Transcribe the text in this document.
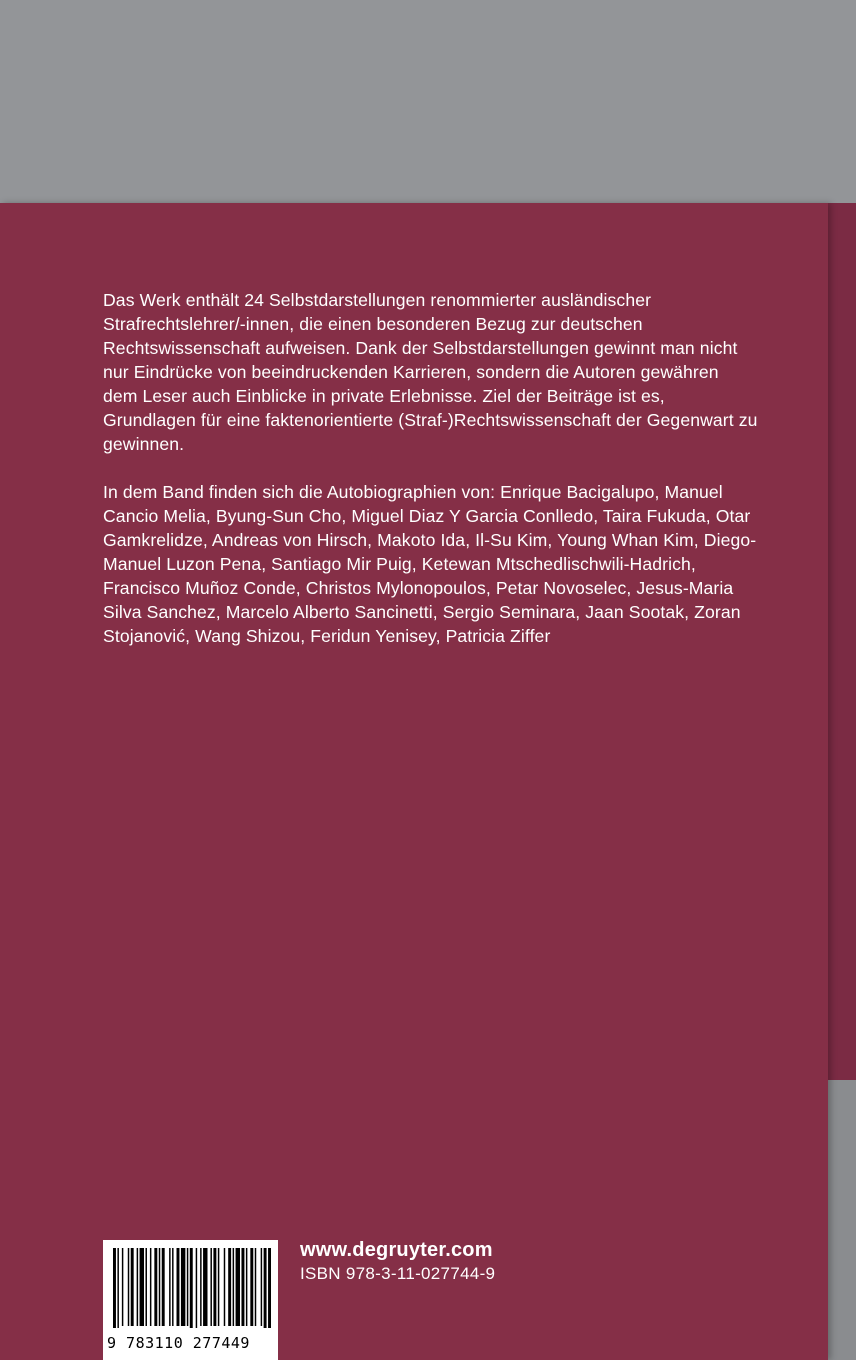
Das Werk enthält 24 Selbstdarstellungen renommierter ausländischer Strafrechtslehrer/-innen, die einen besonderen Bezug zur deutschen Rechtswissenschaft aufweisen. Dank der Selbstdarstellungen gewinnt man nicht nur Eindrücke von beeindruckenden Karrieren, sondern die Autoren gewähren dem Leser auch Einblicke in private Erlebnisse. Ziel der Beiträge ist es, Grundlagen für eine faktenorientierte (Straf-)Rechtswissenschaft der Gegenwart zu gewinnen.

In dem Band finden sich die Autobiographien von: Enrique Bacigalupo, Manuel Cancio Melia, Byung-Sun Cho, Miguel Diaz Y Garcia Conlledo, Taira Fukuda, Otar Gamkrelidze, Andreas von Hirsch, Makoto Ida, Il-Su Kim, Young Whan Kim, Diego-Manuel Luzon Pena, Santiago Mir Puig, Ketewan Mtschedlischwili-Hadrich, Francisco Muñoz Conde, Christos Mylonopoulos, Petar Novoselec, Jesus-Maria Silva Sanchez, Marcelo Alberto Sancinetti, Sergio Seminara, Jaan Sootak, Zoran Stojanović, Wang Shizou, Feridun Yenisey, Patricia Ziffer

9 783110 277449
www.degruyter.com
ISBN 978-3-11-027744-9
